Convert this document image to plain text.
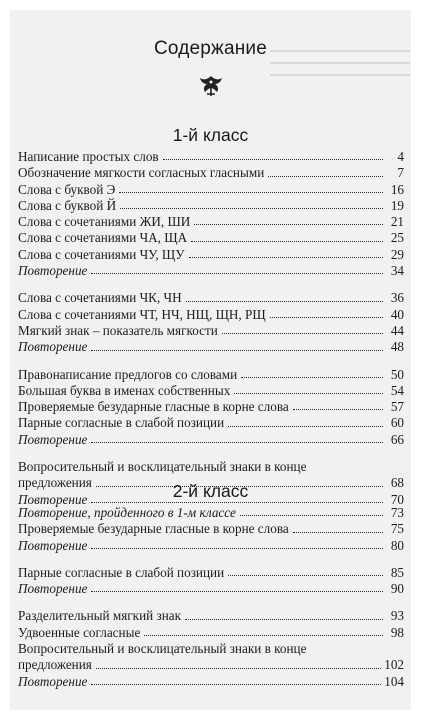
Содержание
1-й класс
Написание простых слов	4
Обозначение мягкости согласных гласными	7
Слова с буквой Э	16
Слова с буквой Й	19
Слова с сочетаниями ЖИ, ШИ	21
Слова с сочетаниями ЧА, ЩА	25
Слова с сочетаниями ЧУ, ЩУ	29
Повторение	34
Слова с сочетаниями ЧК, ЧН	36
Слова с сочетаниями ЧТ, НЧ, НЩ, ЩН, РЩ	40
Мягкий знак – показатель мягкости	44
Повторение	48
Правонаписание предлогов со словами	50
Большая буква в именах собственных	54
Проверяемые безударные гласные в корне слова	57
Парные согласные в слабой позиции	60
Повторение	66
Вопросительный и восклицательный знаки в конце
предложения	68
Повторение	70
2-й класс
Повторение, пройденного в 1-м классе	73
Проверяемые безударные гласные в корне слова	75
Повторение	80
Парные согласные в слабой позиции	85
Повторение	90
Разделительный мягкий знак	93
Удвоенные согласные	98
Вопросительный и восклицательный знаки в конце
предложения	102
Повторение	104
